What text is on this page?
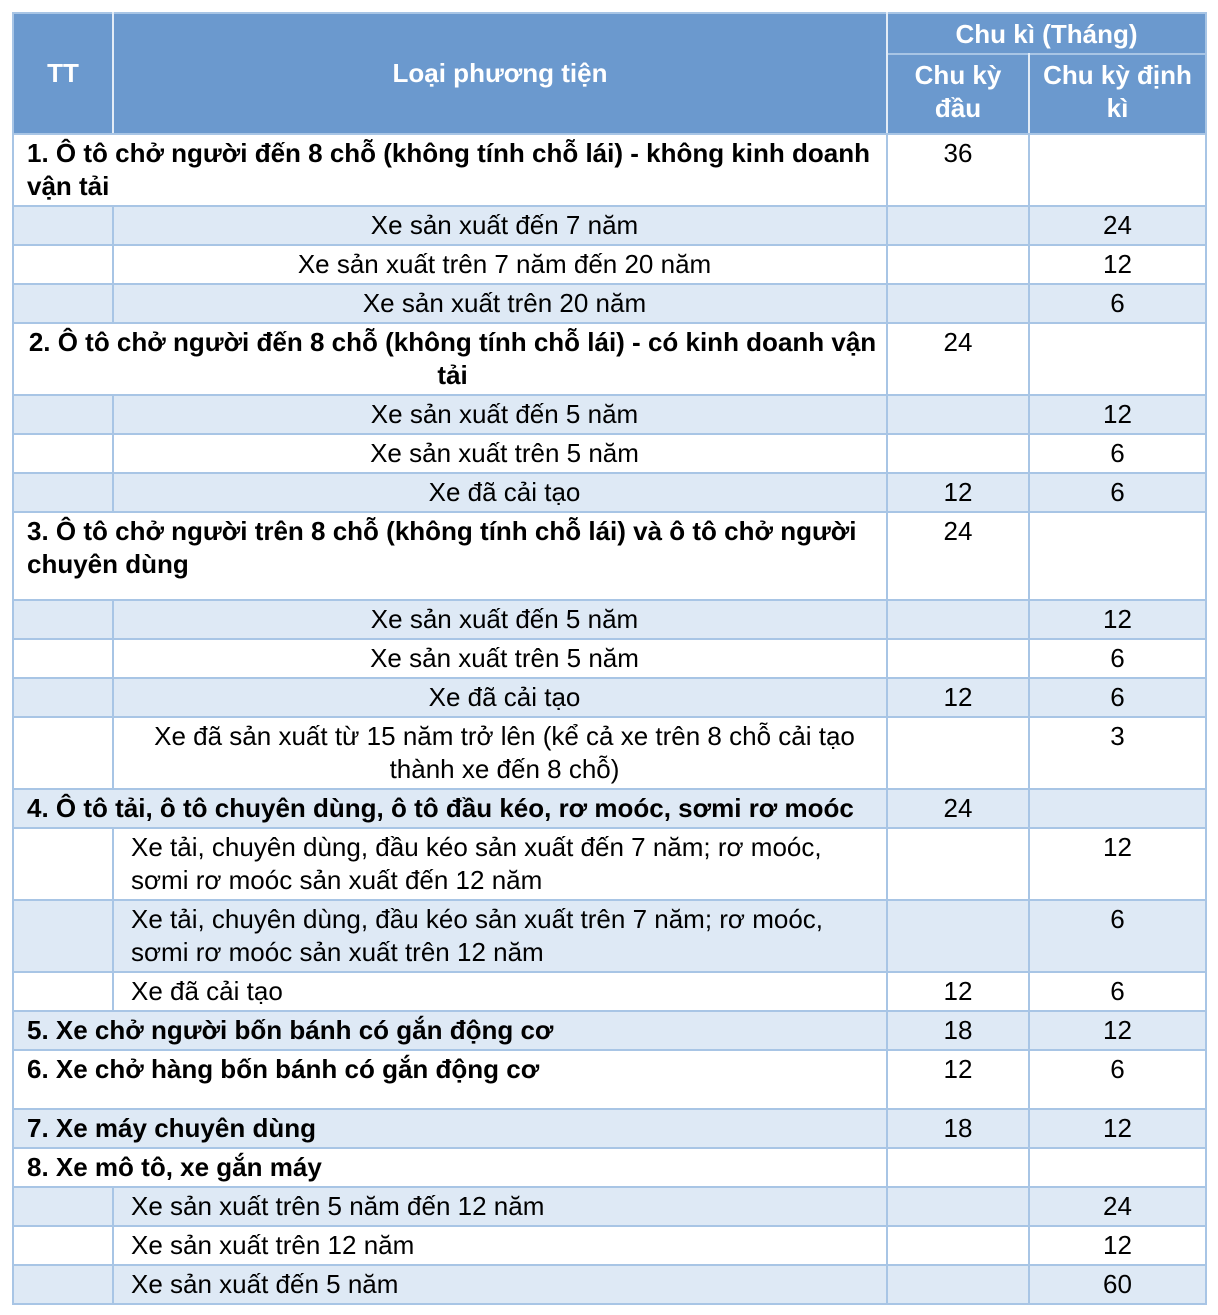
TT	Loại phương tiện	Chu kì (Tháng)	
		Chu kỳ đầu	Chu kỳ định kì
1. Ô tô chở người đến 8 chỗ (không tính chỗ lái) - không kinh doanh vận tải		36	
	Xe sản xuất đến 7 năm		24
	Xe sản xuất trên 7 năm đến 20 năm		12
	Xe sản xuất trên 20 năm		6
2. Ô tô chở người đến 8 chỗ (không tính chỗ lái) - có kinh doanh vận tải		24	
	Xe sản xuất đến 5 năm		12
	Xe sản xuất trên 5 năm		6
	Xe đã cải tạo	12	6
3. Ô tô chở người trên 8 chỗ (không tính chỗ lái) và ô tô chở người chuyên dùng		24	
	Xe sản xuất đến 5 năm		12
	Xe sản xuất trên 5 năm		6
	Xe đã cải tạo	12	6
	Xe đã sản xuất từ 15 năm trở lên (kể cả xe trên 8 chỗ cải tạo thành xe đến 8 chỗ)		3
4. Ô tô tải, ô tô chuyên dùng, ô tô đầu kéo, rơ moóc, sơmi rơ moóc		24	
	Xe tải, chuyên dùng, đầu kéo sản xuất đến 7 năm; rơ moóc, sơmi rơ moóc sản xuất đến 12 năm		12
	Xe tải, chuyên dùng, đầu kéo sản xuất trên 7 năm; rơ moóc, sơmi rơ moóc sản xuất trên 12 năm		6
	Xe đã cải tạo	12	6
5. Xe chở người bốn bánh có gắn động cơ		18	12
6. Xe chở hàng bốn bánh có gắn động cơ		12	6
7. Xe máy chuyên dùng		18	12
8. Xe mô tô, xe gắn máy			
	Xe sản xuất trên 5 năm đến 12 năm		24
	Xe sản xuất trên 12 năm		12
	Xe sản xuất đến 5 năm		60
